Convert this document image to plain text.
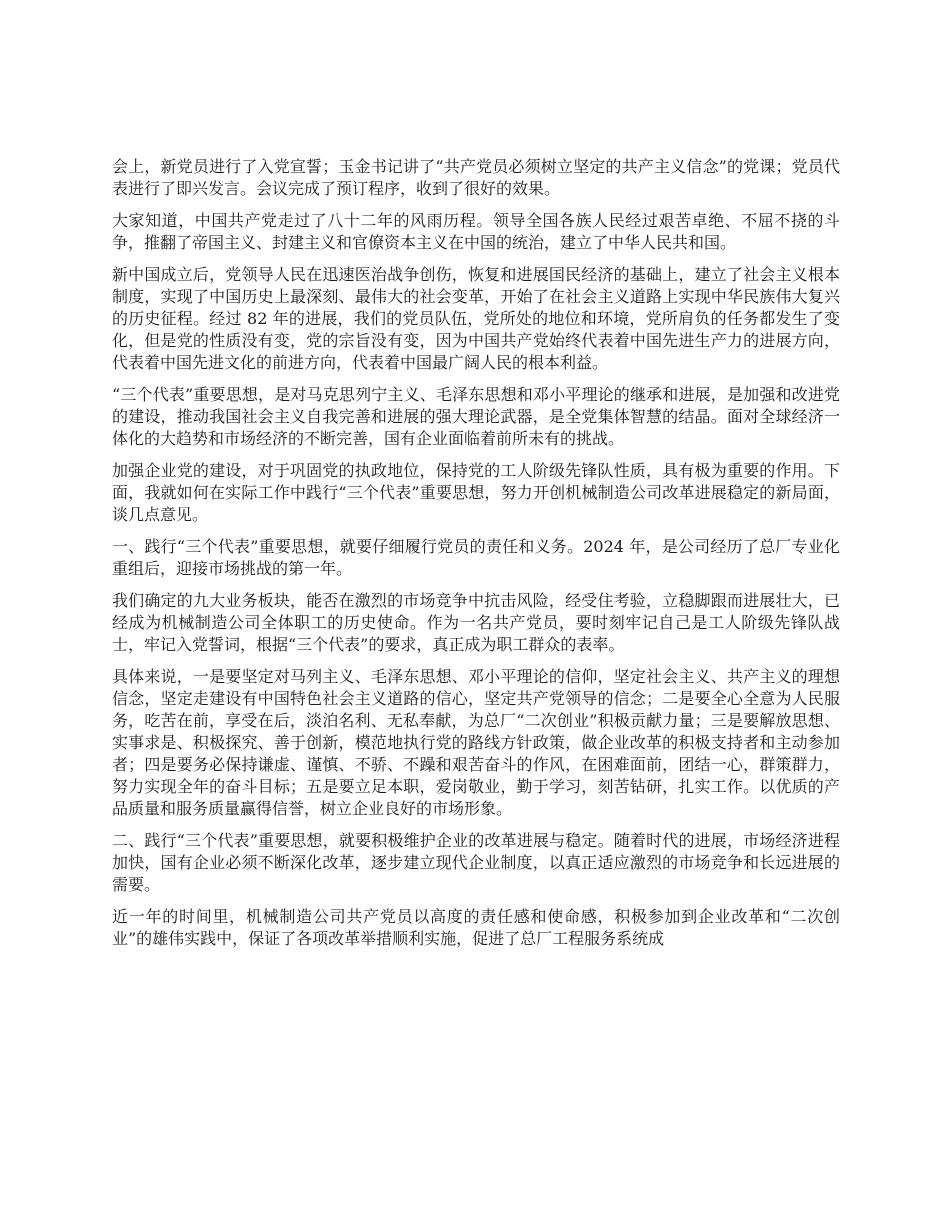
会上，新党员进行了入党宣誓；玉金书记讲了“共产党员必须树立坚定的共产主义信念”的党课；党员代表进行了即兴发言。会议完成了预订程序，收到了很好的效果。

大家知道，中国共产党走过了八十二年的风雨历程。领导全国各族人民经过艰苦卓绝、不屈不挠的斗争，推翻了帝国主义、封建主义和官僚资本主义在中国的统治，建立了中华人民共和国。

新中国成立后，党领导人民在迅速医治战争创伤，恢复和进展国民经济的基础上，建立了社会主义根本制度，实现了中国历史上最深刻、最伟大的社会变革，开始了在社会主义道路上实现中华民族伟大复兴的历史征程。经过 82 年的进展，我们的党员队伍，党所处的地位和环境，党所肩负的任务都发生了变化，但是党的性质没有变，党的宗旨没有变，因为中国共产党始终代表着中国先进生产力的进展方向，代表着中国先进文化的前进方向，代表着中国最广阔人民的根本利益。

“三个代表”重要思想，是对马克思列宁主义、毛泽东思想和邓小平理论的继承和进展，是加强和改进党的建设，推动我国社会主义自我完善和进展的强大理论武器，是全党集体智慧的结晶。面对全球经济一体化的大趋势和市场经济的不断完善，国有企业面临着前所未有的挑战。

加强企业党的建设，对于巩固党的执政地位，保持党的工人阶级先锋队性质，具有极为重要的作用。下面，我就如何在实际工作中践行“三个代表”重要思想，努力开创机械制造公司改革进展稳定的新局面，谈几点意见。

一、践行“三个代表”重要思想，就要仔细履行党员的责任和义务。2024 年，是公司经历了总厂专业化重组后，迎接市场挑战的第一年。

我们确定的九大业务板块，能否在激烈的市场竞争中抗击风险，经受住考验，立稳脚跟而进展壮大，已经成为机械制造公司全体职工的历史使命。作为一名共产党员，要时刻牢记自己是工人阶级先锋队战士，牢记入党誓词，根据“三个代表”的要求，真正成为职工群众的表率。

具体来说，一是要坚定对马列主义、毛泽东思想、邓小平理论的信仰，坚定社会主义、共产主义的理想信念，坚定走建设有中国特色社会主义道路的信心，坚定共产党领导的信念；二是要全心全意为人民服务，吃苦在前，享受在后，淡泊名利、无私奉献，为总厂“二次创业”积极贡献力量；三是要解放思想、实事求是、积极探究、善于创新，模范地执行党的路线方针政策，做企业改革的积极支持者和主动参加者；四是要务必保持谦虚、谨慎、不骄、不躁和艰苦奋斗的作风，在困难面前，团结一心，群策群力，努力实现全年的奋斗目标；五是要立足本职，爱岗敬业，勤于学习，刻苦钻研，扎实工作。以优质的产品质量和服务质量赢得信誉，树立企业良好的市场形象。

二、践行“三个代表”重要思想，就要积极维护企业的改革进展与稳定。随着时代的进展，市场经济进程加快，国有企业必须不断深化改革，逐步建立现代企业制度，以真正适应激烈的市场竞争和长远进展的需要。

近一年的时间里，机械制造公司共产党员以高度的责任感和使命感，积极参加到企业改革和“二次创业”的雄伟实践中，保证了各项改革举措顺利实施，促进了总厂工程服务系统成
